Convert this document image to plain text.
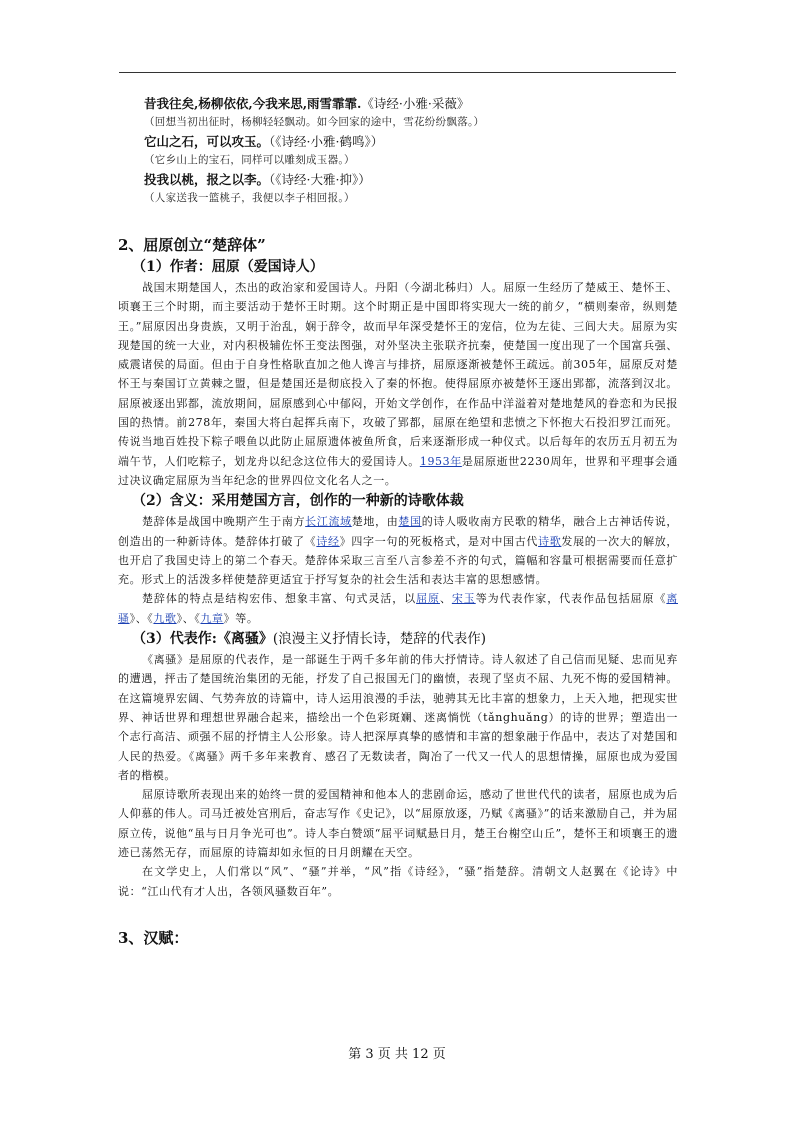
昔我往矣,杨柳依依,今我来思,雨雪霏霏.《诗经·小雅·采薇》
（回想当初出征时，杨柳轻轻飘动。如今回家的途中，雪花纷纷飘落。）
它山之石，可以攻玉。（《诗经·小雅·鹤鸣》）
（它乡山上的宝石，同样可以雕刻成玉器。）
投我以桃，报之以李。（《诗经·大雅·抑》）
（人家送我一篮桃子，我便以李子相回报。）
2、屈原创立“楚辞体”
（1）作者：屈原（爱国诗人）

战国末期楚国人，杰出的政治家和爱国诗人。丹阳（今湖北秭归）人。屈原一生经历了楚威王、楚怀王、顷襄王三个时期，而主要活动于楚怀王时期。这个时期正是中国即将实现大一统的前夕，“横则秦帝，纵则楚王。”屈原因出身贵族，又明于治乱，娴于辞令，故而早年深受楚怀王的宠信，位为左徒、三闾大夫。屈原为实现楚国的统一大业，对内积极辅佐怀王变法图强，对外坚决主张联齐抗秦，使楚国一度出现了一个国富兵强、威震诸侯的局面。但由于自身性格耿直加之他人谗言与排挤，屈原逐渐被楚怀王疏远。前305年，屈原反对楚怀王与秦国订立黄棘之盟，但是楚国还是彻底投入了秦的怀抱。使得屈原亦被楚怀王逐出郢都，流落到汉北。屈原被逐出郢都，流放期间，屈原感到心中郁闷，开始文学创作，在作品中洋溢着对楚地楚风的眷恋和为民报国的热情。前278年，秦国大将白起挥兵南下，攻破了郢都，屈原在绝望和悲愤之下怀抱大石投汨罗江而死。传说当地百姓投下粽子喂鱼以此防止屈原遗体被鱼所食，后来逐渐形成一种仪式。以后每年的农历五月初五为端午节，人们吃粽子，划龙舟以纪念这位伟大的爱国诗人。1953年是屈原逝世2230周年，世界和平理事会通过决议确定屈原为当年纪念的世界四位文化名人之一。

（2）含义：采用楚国方言，创作的一种新的诗歌体裁

楚辞体是战国中晚期产生于南方长江流域楚地，由楚国的诗人吸收南方民歌的精华，融合上古神话传说，创造出的一种新诗体。楚辞体打破了《诗经》四字一句的死板格式，是对中国古代诗歌发展的一次大的解放，也开启了我国史诗上的第二个春天。楚辞体采取三言至八言参差不齐的句式，篇幅和容量可根据需要而任意扩充。形式上的活泼多样使楚辞更适宜于抒写复杂的社会生活和表达丰富的思想感情。

楚辞体的特点是结构宏伟、想象丰富、句式灵活，以屈原、宋玉等为代表作家，代表作品包括屈原《离骚》、《九歌》、《九章》等。

（3）代表作:《离骚》(浪漫主义抒情长诗，楚辞的代表作)

《离骚》是屈原的代表作，是一部诞生于两千多年前的伟大抒情诗。诗人叙述了自己信而见疑、忠而见弃的遭遇，抨击了楚国统治集团的无能，抒发了自己报国无门的幽愤，表现了坚贞不屈、九死不悔的爱国精神。在这篇境界宏阔、气势奔放的诗篇中，诗人运用浪漫的手法，驰骋其无比丰富的想象力，上天入地，把现实世界、神话世界和理想世界融合起来，描绘出一个色彩斑斓、迷离惝恍（tǎnghuǎng）的诗的世界；塑造出一个志行高洁、顽强不屈的抒情主人公形象。诗人把深厚真挚的感情和丰富的想象融于作品中，表达了对楚国和人民的热爱。《离骚》两千多年来教育、感召了无数读者，陶冶了一代又一代人的思想情操，屈原也成为爱国者的楷模。

屈原诗歌所表现出来的始终一贯的爱国精神和他本人的悲剧命运，感动了世世代代的读者，屈原也成为后人仰慕的伟人。司马迁被处宫刑后，奋志写作《史记》，以“屈原放逐，乃赋《离骚》”的话来激励自己，并为屈原立传，说他“虽与日月争光可也”。诗人李白赞颂“屈平词赋悬日月，楚王台榭空山丘”，楚怀王和顷襄王的遗迹已荡然无存，而屈原的诗篇却如永恒的日月朗耀在天空。

在文学史上，人们常以“风”、“骚”并举，“风”指《诗经》，“骚”指楚辞。清朝文人赵翼在《论诗》中说：“江山代有才人出，各领风骚数百年”。

3、汉赋：
第 3 页 共 12 页
